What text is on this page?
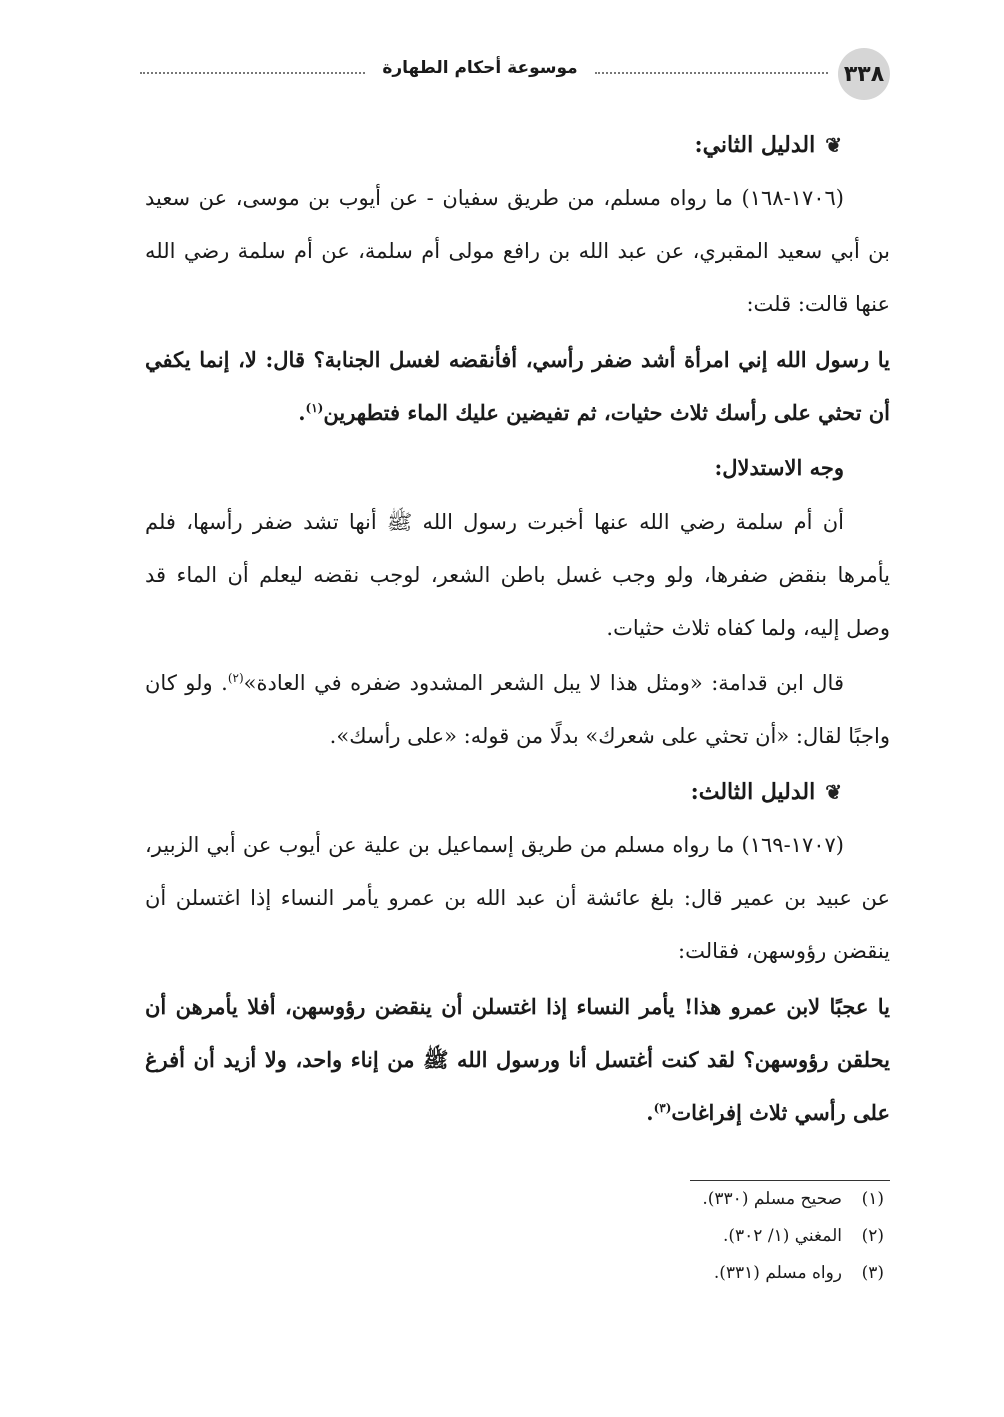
موسوعة أحكام الطهارة	٣٣٨
❦
الدليل الثاني:

(١٧٠٦-١٦٨) ما رواه مسلم، من طريق سفيان - عن أيوب بن موسى، عن سعيد بن أبي سعيد المقبري، عن عبد الله بن رافع مولى أم سلمة، عن أم سلمة رضي الله عنها قالت: قلت:

يا رسول الله إني امرأة أشد ضفر رأسي، أفأنقضه لغسل الجنابة؟ قال: لا، إنما يكفي أن تحثي على رأسك ثلاث حثيات، ثم تفيضين عليك الماء فتطهرين$^{(١)}$.

وجه الاستدلال:

أن أم سلمة رضي الله عنها أخبرت رسول الله ﷺ أنها تشد ضفر رأسها، فلم يأمرها بنقض ضفرها، ولو وجب غسل باطن الشعر، لوجب نقضه ليعلم أن الماء قد وصل إليه، ولما كفاه ثلاث حثيات.

قال ابن قدامة: «ومثل هذا لا يبل الشعر المشدود ضفره في العادة»$^{(٢)}$. ولو كان واجبًا لقال: «أن تحثي على شعرك» بدلًا من قوله: «على رأسك».

❦
الدليل الثالث:

(١٧٠٧-١٦٩) ما رواه مسلم من طريق إسماعيل بن علية عن أيوب عن أبي الزبير، عن عبيد بن عمير قال: بلغ عائشة أن عبد الله بن عمرو يأمر النساء إذا اغتسلن أن ينقضن رؤوسهن، فقالت:

يا عجبًا لابن عمرو هذا! يأمر النساء إذا اغتسلن أن ينقضن رؤوسهن، أفلا يأمرهن أن يحلقن رؤوسهن؟ لقد كنت أغتسل أنا ورسول الله ﷺ من إناء واحد، ولا أزيد أن أفرغ على رأسي ثلاث إفراغات$^{(٣)}$.

(١)صحيح مسلم (٣٣٠).
(٢)المغني (١/ ٣٠٢).
(٣)رواه مسلم (٣٣١).
